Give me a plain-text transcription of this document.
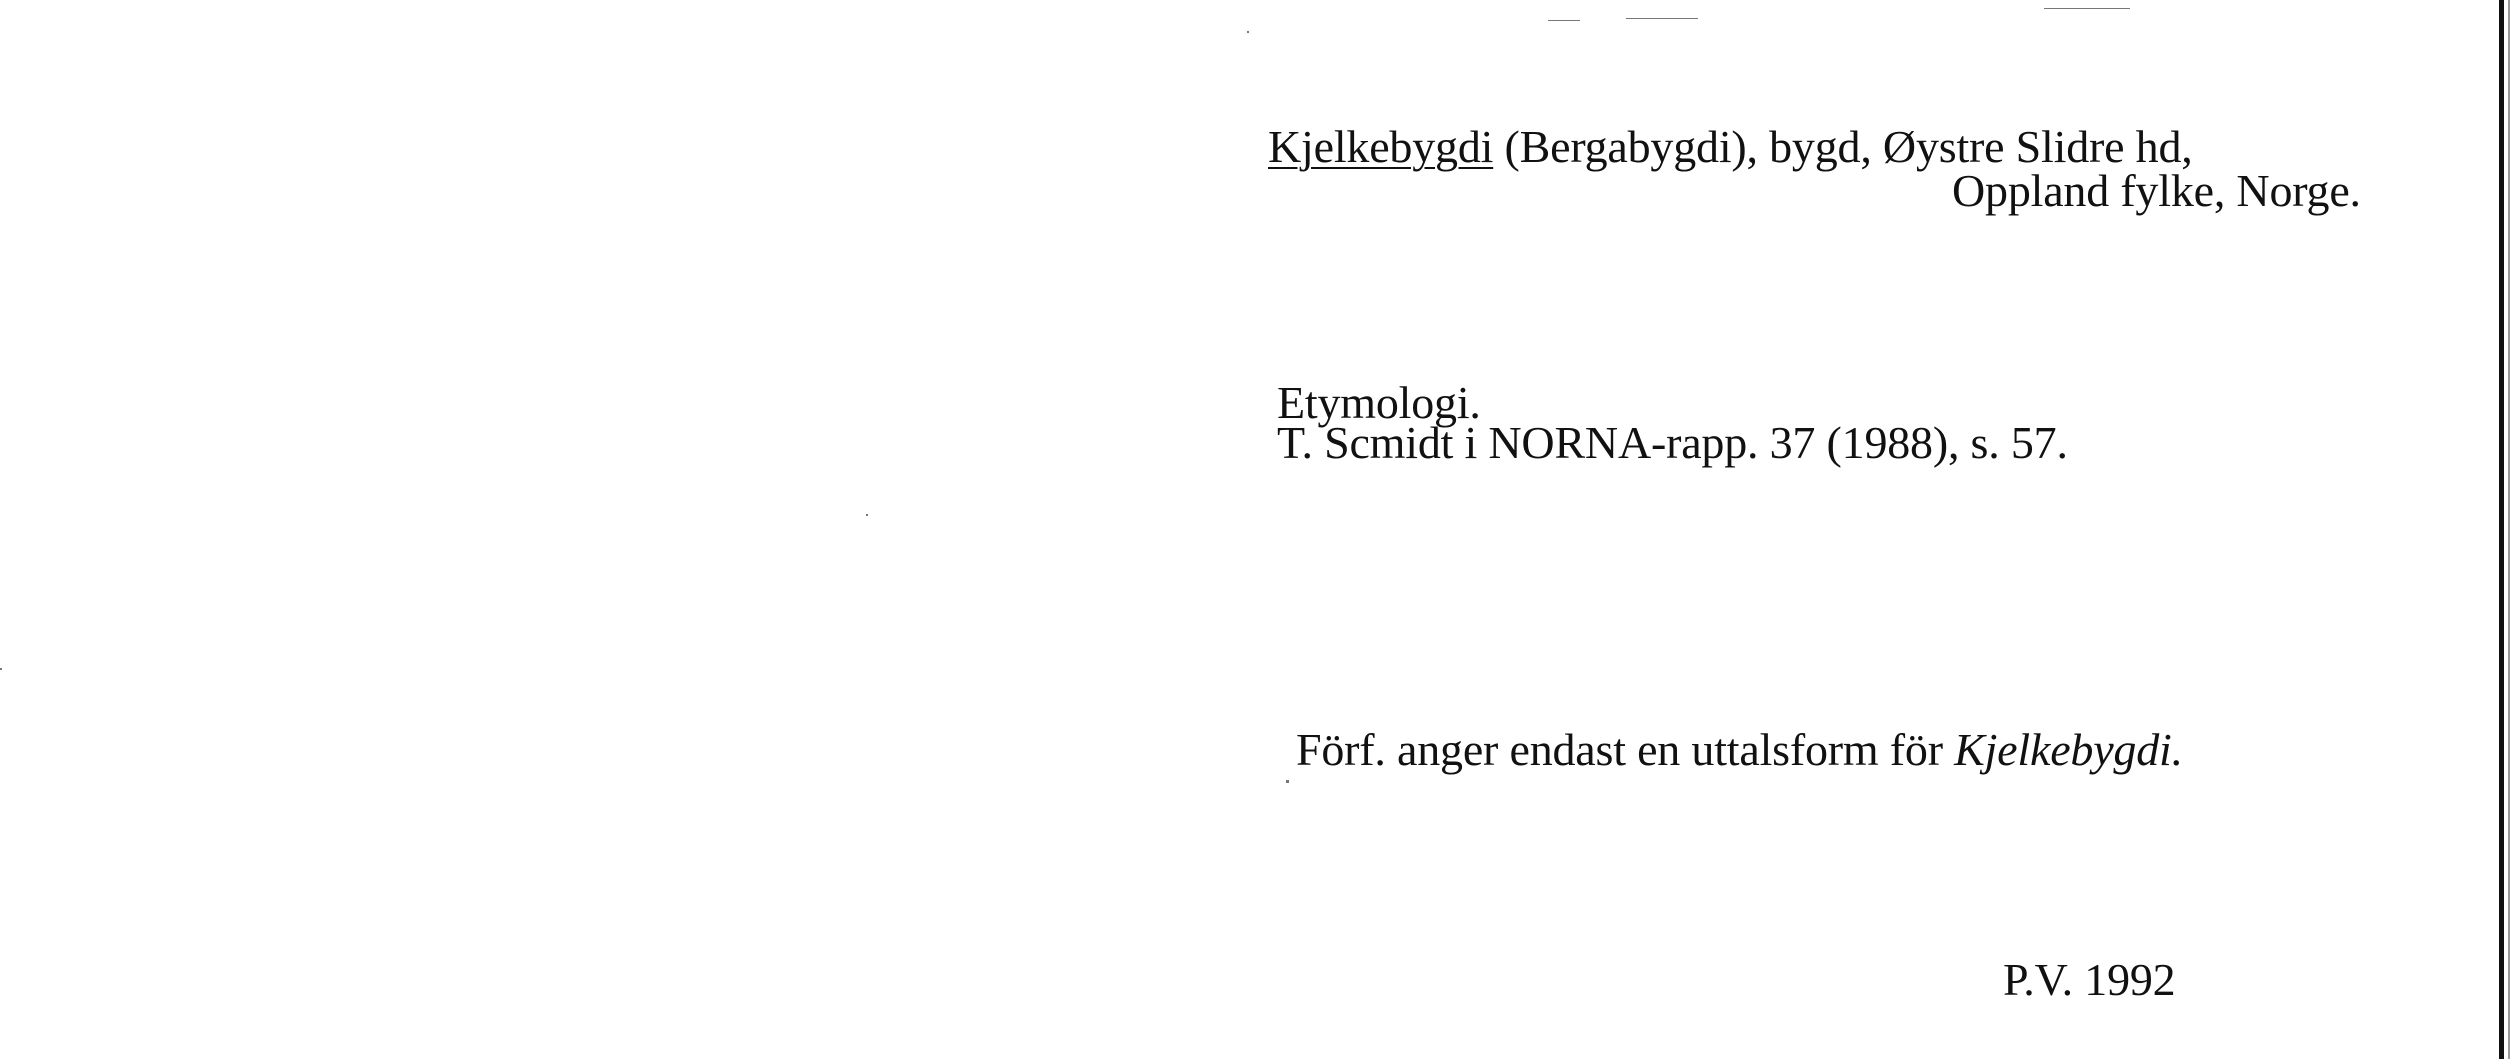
Kjelkebygdi (Bergabygdi), bygd, Øystre Slidre hd,
Oppland fylke, Norge.
Etymologi.
T. Scmidt i NORNA-rapp. 37 (1988), s. 57.
Förf. anger endast en uttalsform för Kjelkebygdi.
P.V. 1992
